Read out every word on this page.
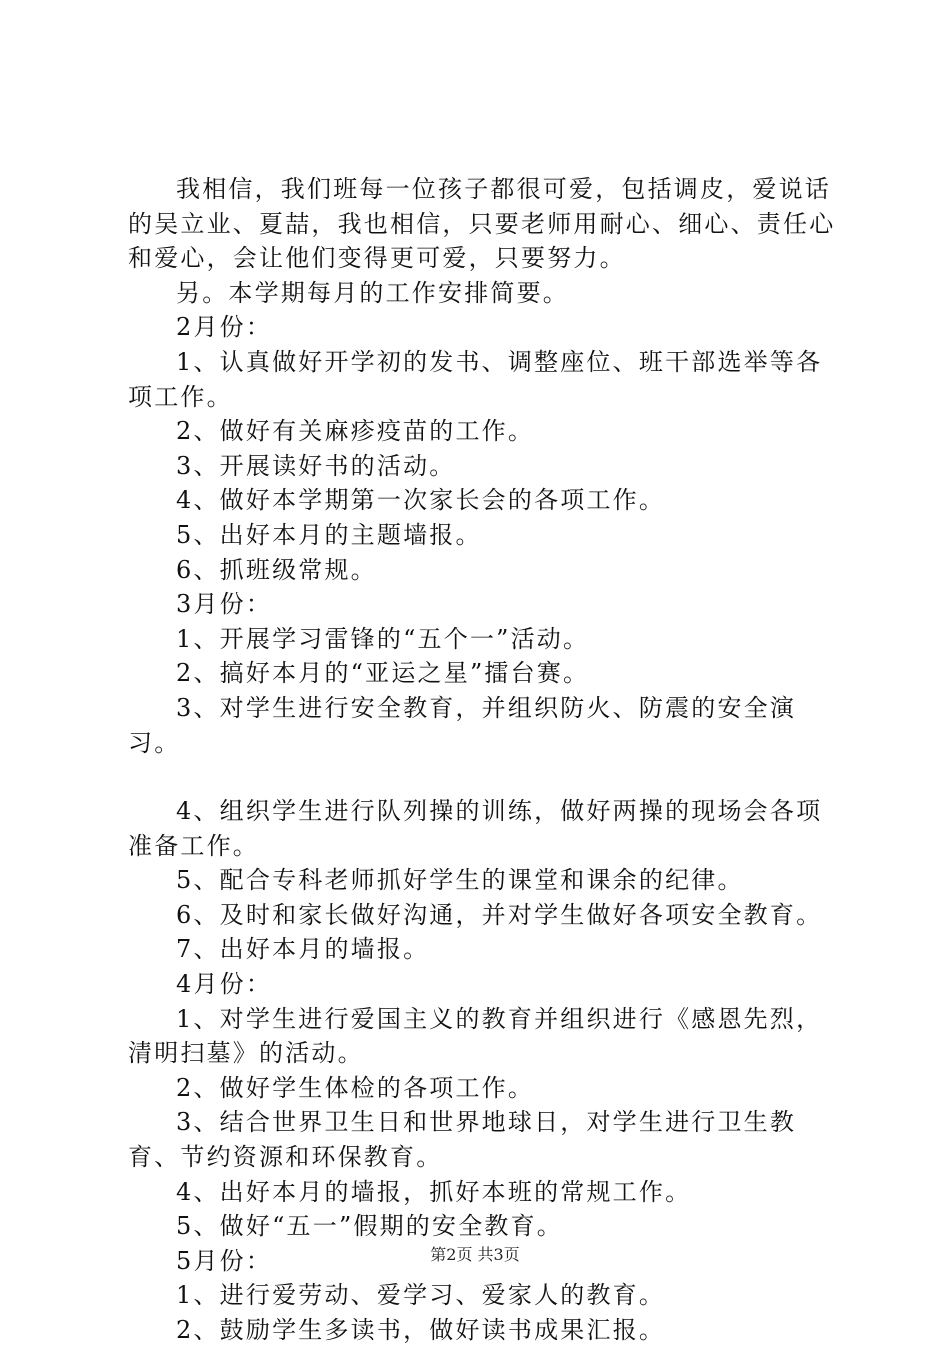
我相信，我们班每一位孩子都很可爱，包括调皮，爱说话的吴立业、夏喆，我也相信，只要老师用耐心、细心、责任心和爱心，会让他们变得更可爱，只要努力。

另。本学期每月的工作安排简要。

2月份：

1、认真做好开学初的发书、调整座位、班干部选举等各项工作。

2、做好有关麻疹疫苗的工作。

3、开展读好书的活动。

4、做好本学期第一次家长会的各项工作。

5、出好本月的主题墙报。

6、抓班级常规。

3月份：

1、开展学习雷锋的“五个一”活动。

2、搞好本月的“亚运之星”擂台赛。

3、对学生进行安全教育，并组织防火、防震的安全演习。

4、组织学生进行队列操的训练，做好两操的现场会各项准备工作。

5、配合专科老师抓好学生的课堂和课余的纪律。

6、及时和家长做好沟通，并对学生做好各项安全教育。

7、出好本月的墙报。

4月份：

1、对学生进行爱国主义的教育并组织进行《感恩先烈，清明扫墓》的活动。

2、做好学生体检的各项工作。

3、结合世界卫生日和世界地球日，对学生进行卫生教育、节约资源和环保教育。

4、出好本月的墙报，抓好本班的常规工作。

5、做好“五一”假期的安全教育。

5月份：

1、进行爱劳动、爱学习、爱家人的教育。

2、鼓励学生多读书，做好读书成果汇报。

第2页 共3页
